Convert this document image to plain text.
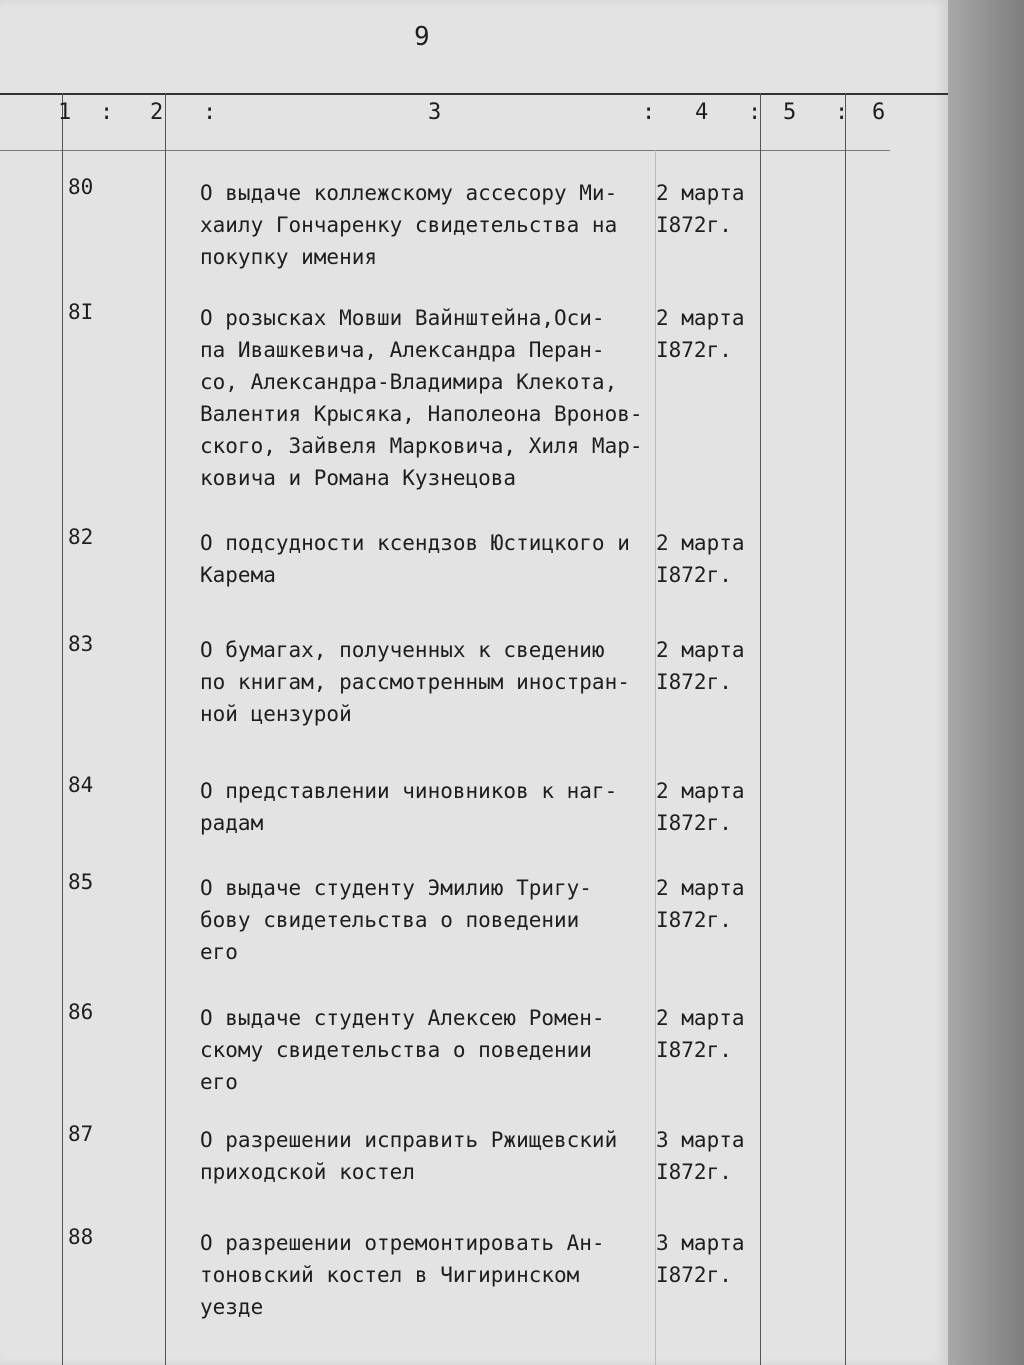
9
1 : 2 :	3	: 4 : 5 : 6
80	О выдаче коллежскому ассесору Ми-
хаилу Гончаренку свидетельства на
покупку имения
2 марта
I872г.
8I	О розысках Мовши Вайнштейна,Оси-
па Ивашкевича, Александра Перан-
со, Александра-Владимира Клекота,
Валентия Крысяка, Наполеона Вронов-
ского, Зайвеля Марковича, Хиля Мар-
ковича и Романа Кузнецова
2 марта
I872г.
82	О подсудности ксендзов Юстицкого и
Карема
2 марта
I872г.
83	О бумагах, полученных к сведению
по книгам, рассмотренным иностран-
ной цензурой
2 марта
I872г.
84	О представлении чиновников к наг-
радам
2 марта
I872г.
85	О выдаче студенту Эмилию Тригу-
бову свидетельства о поведении
его
2 марта
I872г.
86	О выдаче студенту Алексею Ромен-
скому свидетельства о поведении
его
2 марта
I872г.
87	О разрешении исправить Ржищевский
приходской костел
3 марта
I872г.
88	О разрешении отремонтировать Ан-
тоновский костел в Чигиринском
уезде
3 марта
I872г.
